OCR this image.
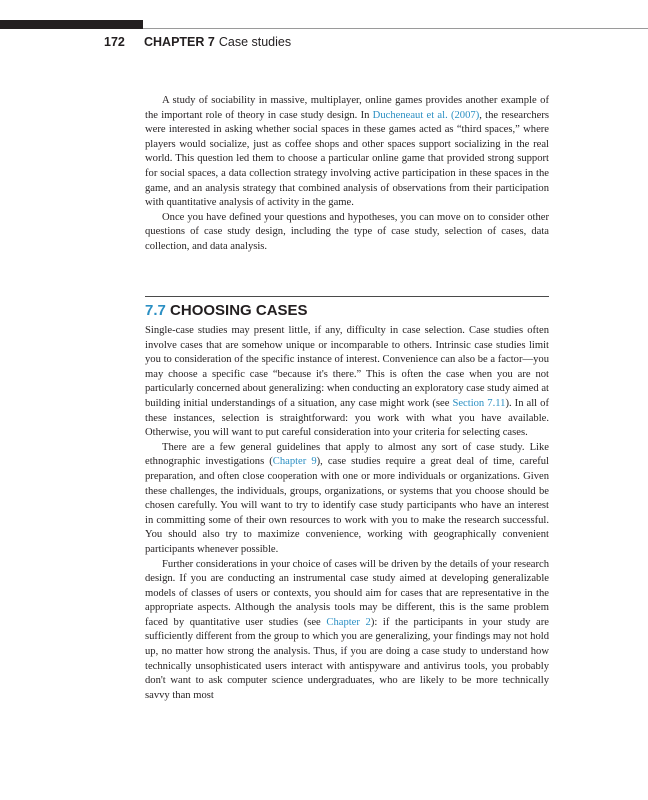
172 CHAPTER 7 Case studies

A study of sociability in massive, multiplayer, online games provides another example of the important role of theory in case study design. In Ducheneaut et al. (2007), the researchers were interested in asking whether social spaces in these games acted as “third spaces,” where players would socialize, just as coffee shops and other spaces support socializing in the real world. This question led them to choose a particular online game that provided strong support for social spaces, a data collection strategy involving active participation in these spaces in the game, and an analysis strategy that combined analysis of observations from their participation with quantitative analysis of activity in the game.

Once you have defined your questions and hypotheses, you can move on to consider other questions of case study design, including the type of case study, selection of cases, data collection, and data analysis.

7.7 CHOOSING CASES

Single-case studies may present little, if any, difficulty in case selection. Case studies often involve cases that are somehow unique or incomparable to others. Intrinsic case studies limit you to consideration of the specific instance of interest. Convenience can also be a factor—you may choose a specific case “because it's there.” This is often the case when you are not particularly concerned about generalizing: when conducting an exploratory case study aimed at building initial understandings of a situation, any case might work (see Section 7.11). In all of these instances, selection is straightforward: you work with what you have available. Otherwise, you will want to put careful consideration into your criteria for selecting cases.

There are a few general guidelines that apply to almost any sort of case study. Like ethnographic investigations (Chapter 9), case studies require a great deal of time, careful preparation, and often close cooperation with one or more individuals or organizations. Given these challenges, the individuals, groups, organizations, or systems that you choose should be chosen carefully. You will want to try to identify case study participants who have an interest in committing some of their own resources to work with you to make the research successful. You should also try to maximize convenience, working with geographically convenient participants whenever possible.

Further considerations in your choice of cases will be driven by the details of your research design. If you are conducting an instrumental case study aimed at developing generalizable models of classes of users or contexts, you should aim for cases that are representative in the appropriate aspects. Although the analysis tools may be different, this is the same problem faced by quantitative user studies (see Chapter 2): if the participants in your study are sufficiently different from the group to which you are generalizing, your findings may not hold up, no matter how strong the analysis. Thus, if you are doing a case study to understand how technically unsophisticated users interact with antispyware and antivirus tools, you probably don't want to ask computer science undergraduates, who are likely to be more technically savvy than most
